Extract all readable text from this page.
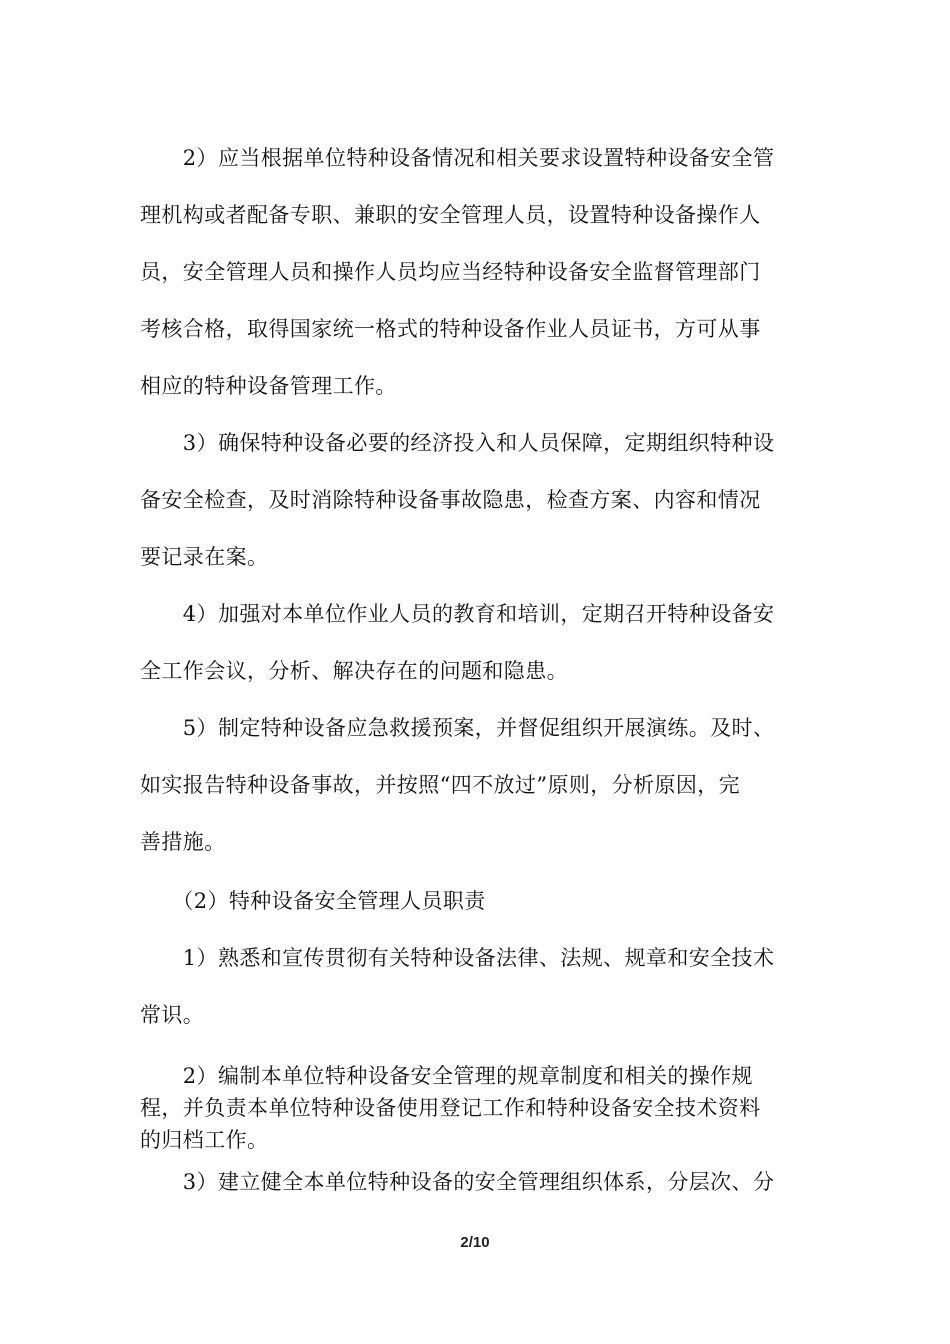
　　2）应当根据单位特种设备情况和相关要求设置特种设备安全管
理机构或者配备专职、兼职的安全管理人员，设置特种设备操作人
员，安全管理人员和操作人员均应当经特种设备安全监督管理部门
考核合格，取得国家统一格式的特种设备作业人员证书，方可从事
相应的特种设备管理工作。

　　3）确保特种设备必要的经济投入和人员保障，定期组织特种设
备安全检查，及时消除特种设备事故隐患，检查方案、内容和情况
要记录在案。

　　4）加强对本单位作业人员的教育和培训，定期召开特种设备安
全工作会议，分析、解决存在的问题和隐患。

　　5）制定特种设备应急救援预案，并督促组织开展演练。及时、
如实报告特种设备事故，并按照“四不放过”原则，分析原因，完
善措施。

　　（2）特种设备安全管理人员职责

　　1）熟悉和宣传贯彻有关特种设备法律、法规、规章和安全技术
常识。

　　2）编制本单位特种设备安全管理的规章制度和相关的操作规
程，并负责本单位特种设备使用登记工作和特种设备安全技术资料
的归档工作。

　　3）建立健全本单位特种设备的安全管理组织体系，分层次、分

2/10
